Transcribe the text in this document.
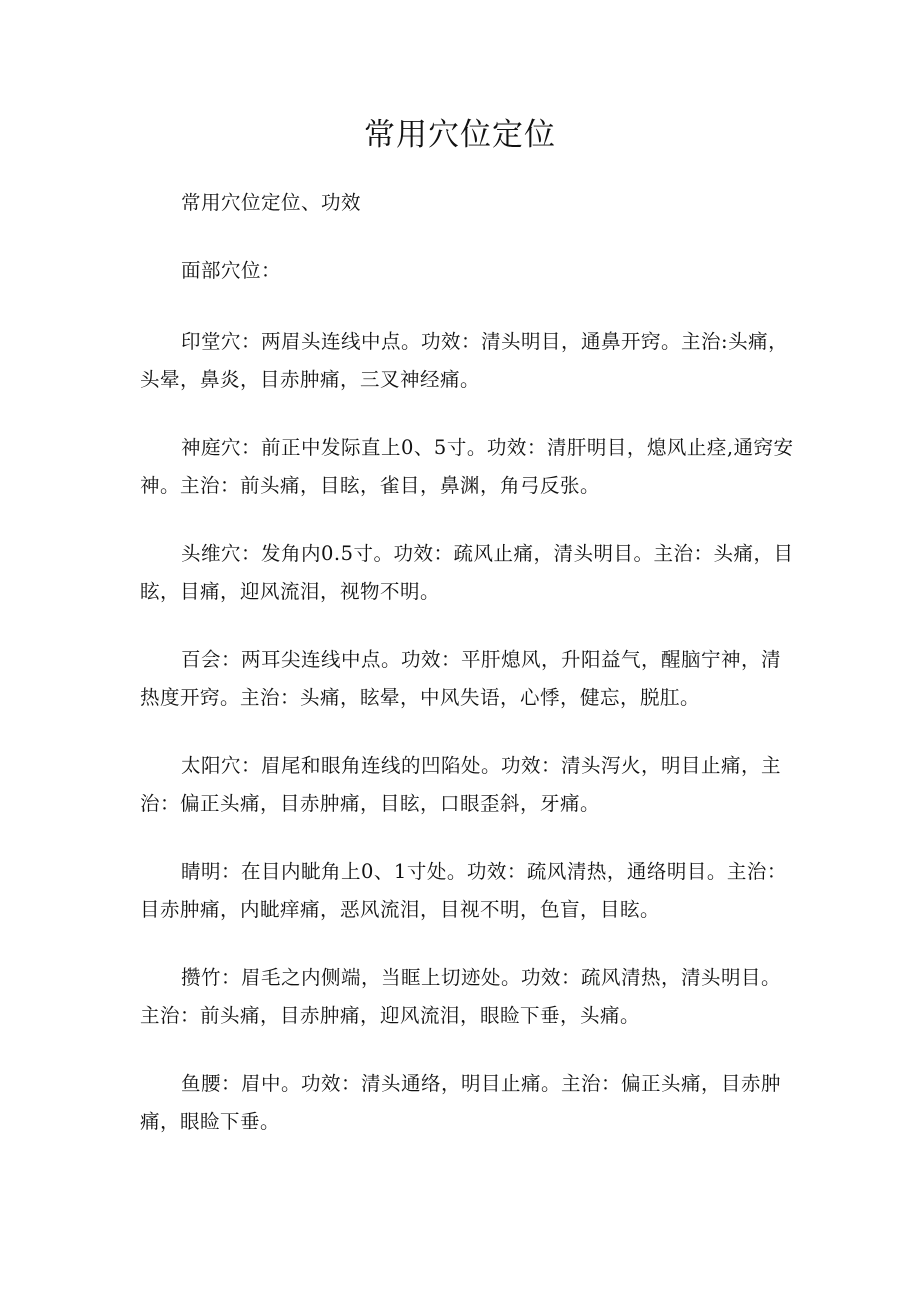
常用穴位定位

常用穴位定位、功效

面部穴位：

印堂穴：两眉头连线中点。功效：清头明目，通鼻开窍。主治:头痛，头晕，鼻炎，目赤肿痛，三叉神经痛。

神庭穴：前正中发际直上0、5寸。功效：清肝明目，熄风止痉,通窍安神。主治：前头痛，目眩，雀目，鼻渊，角弓反张。

头维穴：发角内0.5寸。功效：疏风止痛，清头明目。主治：头痛，目眩，目痛，迎风流泪，视物不明。

百会：两耳尖连线中点。功效：平肝熄风，升阳益气，醒脑宁神，清热度开窍。主治：头痛，眩晕，中风失语，心悸，健忘，脱肛。

太阳穴：眉尾和眼角连线的凹陷处。功效：清头泻火，明目止痛，主治：偏正头痛，目赤肿痛，目眩，口眼歪斜，牙痛。

睛明：在目内眦角上0、1寸处。功效：疏风清热，通络明目。主治：目赤肿痛，内眦痒痛，恶风流泪，目视不明，色盲，目眩。

攒竹：眉毛之内侧端，当眶上切迹处。功效：疏风清热，清头明目。主治：前头痛，目赤肿痛，迎风流泪，眼睑下垂，头痛。

鱼腰：眉中。功效：清头通络，明目止痛。主治：偏正头痛，目赤肿痛，眼睑下垂。
